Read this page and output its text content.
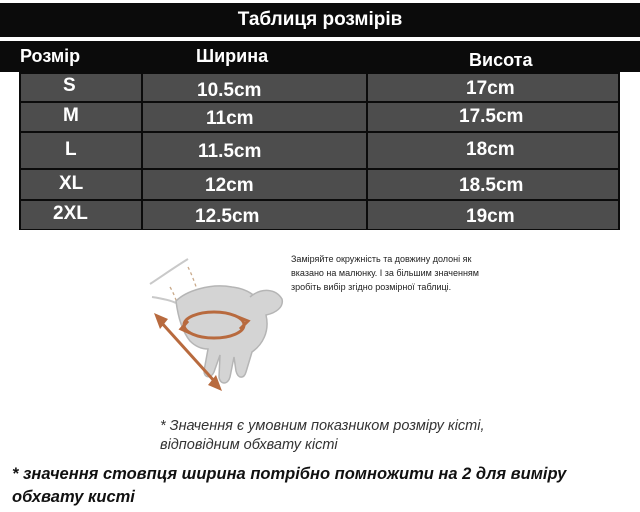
Таблиця розмірів
Розмір	Ширина	Висота
S	10.5cm	17cm
M	11cm	17.5cm
L	11.5cm	18cm
XL	12cm	18.5cm
2XL	12.5cm	19cm
Заміряйте окружність та довжину долоні як вказано на малюнку. І за більшим значенням зробіть вибір згідно розмірної таблиці.
* Значення є умовним показником розміру кісті, відповідним обхвату кісті
* значення стовпця ширина потрібно помножити на 2 для виміру обхвату кисті
